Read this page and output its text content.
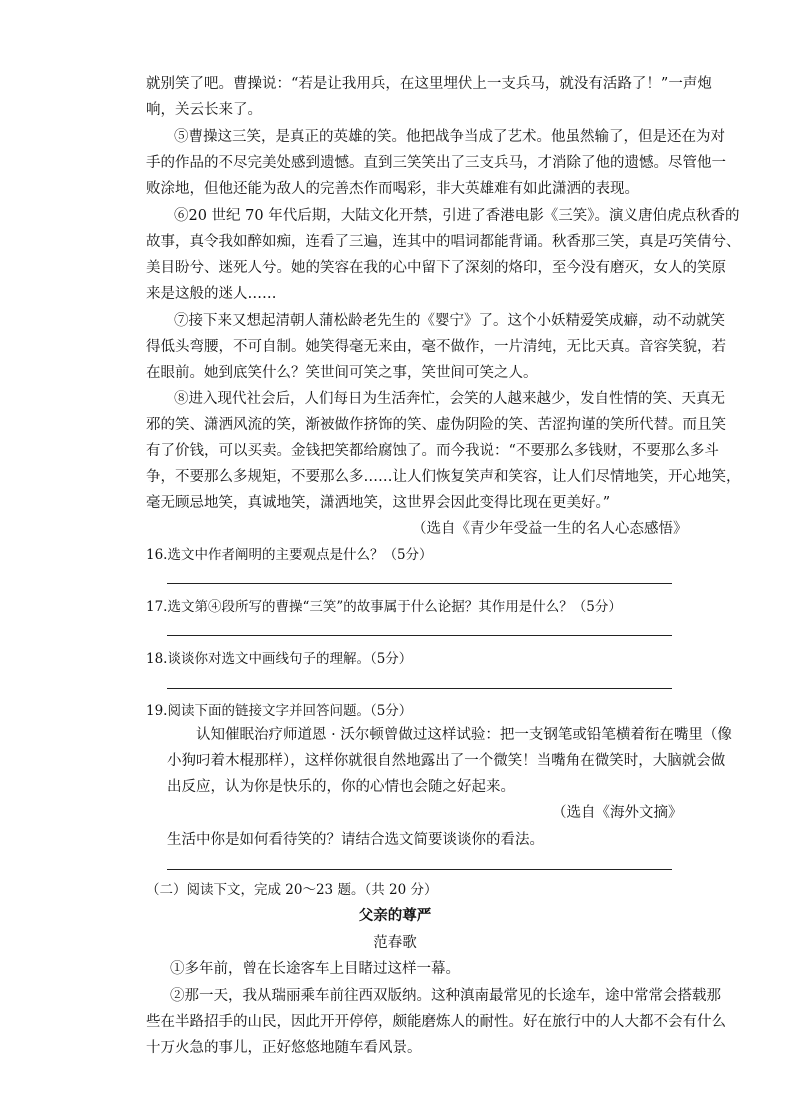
就别笑了吧。曹操说：“若是让我用兵，在这里埋伏上一支兵马，就没有活路了！”一声炮
响，关云长来了。
⑤曹操这三笑，是真正的英雄的笑。他把战争当成了艺术。他虽然输了，但是还在为对
手的作品的不尽完美处感到遗憾。直到三笑笑出了三支兵马，才消除了他的遗憾。尽管他一
败涂地，但他还能为敌人的完善杰作而喝彩，非大英雄难有如此潇洒的表现。
⑥20 世纪 70 年代后期，大陆文化开禁，引进了香港电影《三笑》。演义唐伯虎点秋香的
故事，真令我如醉如痴，连看了三遍，连其中的唱词都能背诵。秋香那三笑，真是巧笑倩兮、
美目盼兮、迷死人兮。她的笑容在我的心中留下了深刻的烙印，至今没有磨灭，女人的笑原
来是这般的迷人……
⑦接下来又想起清朝人蒲松龄老先生的《婴宁》了。这个小妖精爱笑成癖，动不动就笑
得低头弯腰，不可自制。她笑得毫无来由，毫不做作，一片清纯，无比天真。音容笑貌，若
在眼前。她到底笑什么？笑世间可笑之事，笑世间可笑之人。
⑧进入现代社会后，人们每日为生活奔忙，会笑的人越来越少，发自性情的笑、天真无
邪的笑、潇洒风流的笑，渐被做作挤饰的笑、虚伪阴险的笑、苦涩拘谨的笑所代替。而且笑
有了价钱，可以买卖。金钱把笑都给腐蚀了。而今我说：“不要那么多钱财，不要那么多斗
争，不要那么多规矩，不要那么多……让人们恢复笑声和笑容，让人们尽情地笑，开心地笑，
毫无顾忌地笑，真诚地笑，潇洒地笑，这世界会因此变得比现在更美好。”
（选自《青少年受益一生的名人心态感悟》
16.选文中作者阐明的主要观点是什么？（5分）
17.选文第④段所写的曹操“三笑”的故事属于什么论据？其作用是什么？（5分）
18.谈谈你对选文中画线句子的理解。（5分）
19.阅读下面的链接文字并回答问题。（5分）
认知催眠治疗师道恩 · 沃尔顿曾做过这样试验：把一支钢笔或铅笔横着衔在嘴里（像
小狗叼着木棍那样），这样你就很自然地露出了一个微笑！当嘴角在微笑时，大脑就会做
出反应，认为你是快乐的，你的心情也会随之好起来。
（选自《海外文摘》
生活中你是如何看待笑的？请结合选文简要谈谈你的看法。
（二）阅读下文，完成 20～23 题。（共 20 分）
父亲的尊严
范春歌
①多年前，曾在长途客车上目睹过这样一幕。
②那一天，我从瑞丽乘车前往西双版纳。这种滇南最常见的长途车，途中常常会搭载那
些在半路招手的山民，因此开开停停，颇能磨炼人的耐性。好在旅行中的人大都不会有什么
十万火急的事儿，正好悠悠地随车看风景。
